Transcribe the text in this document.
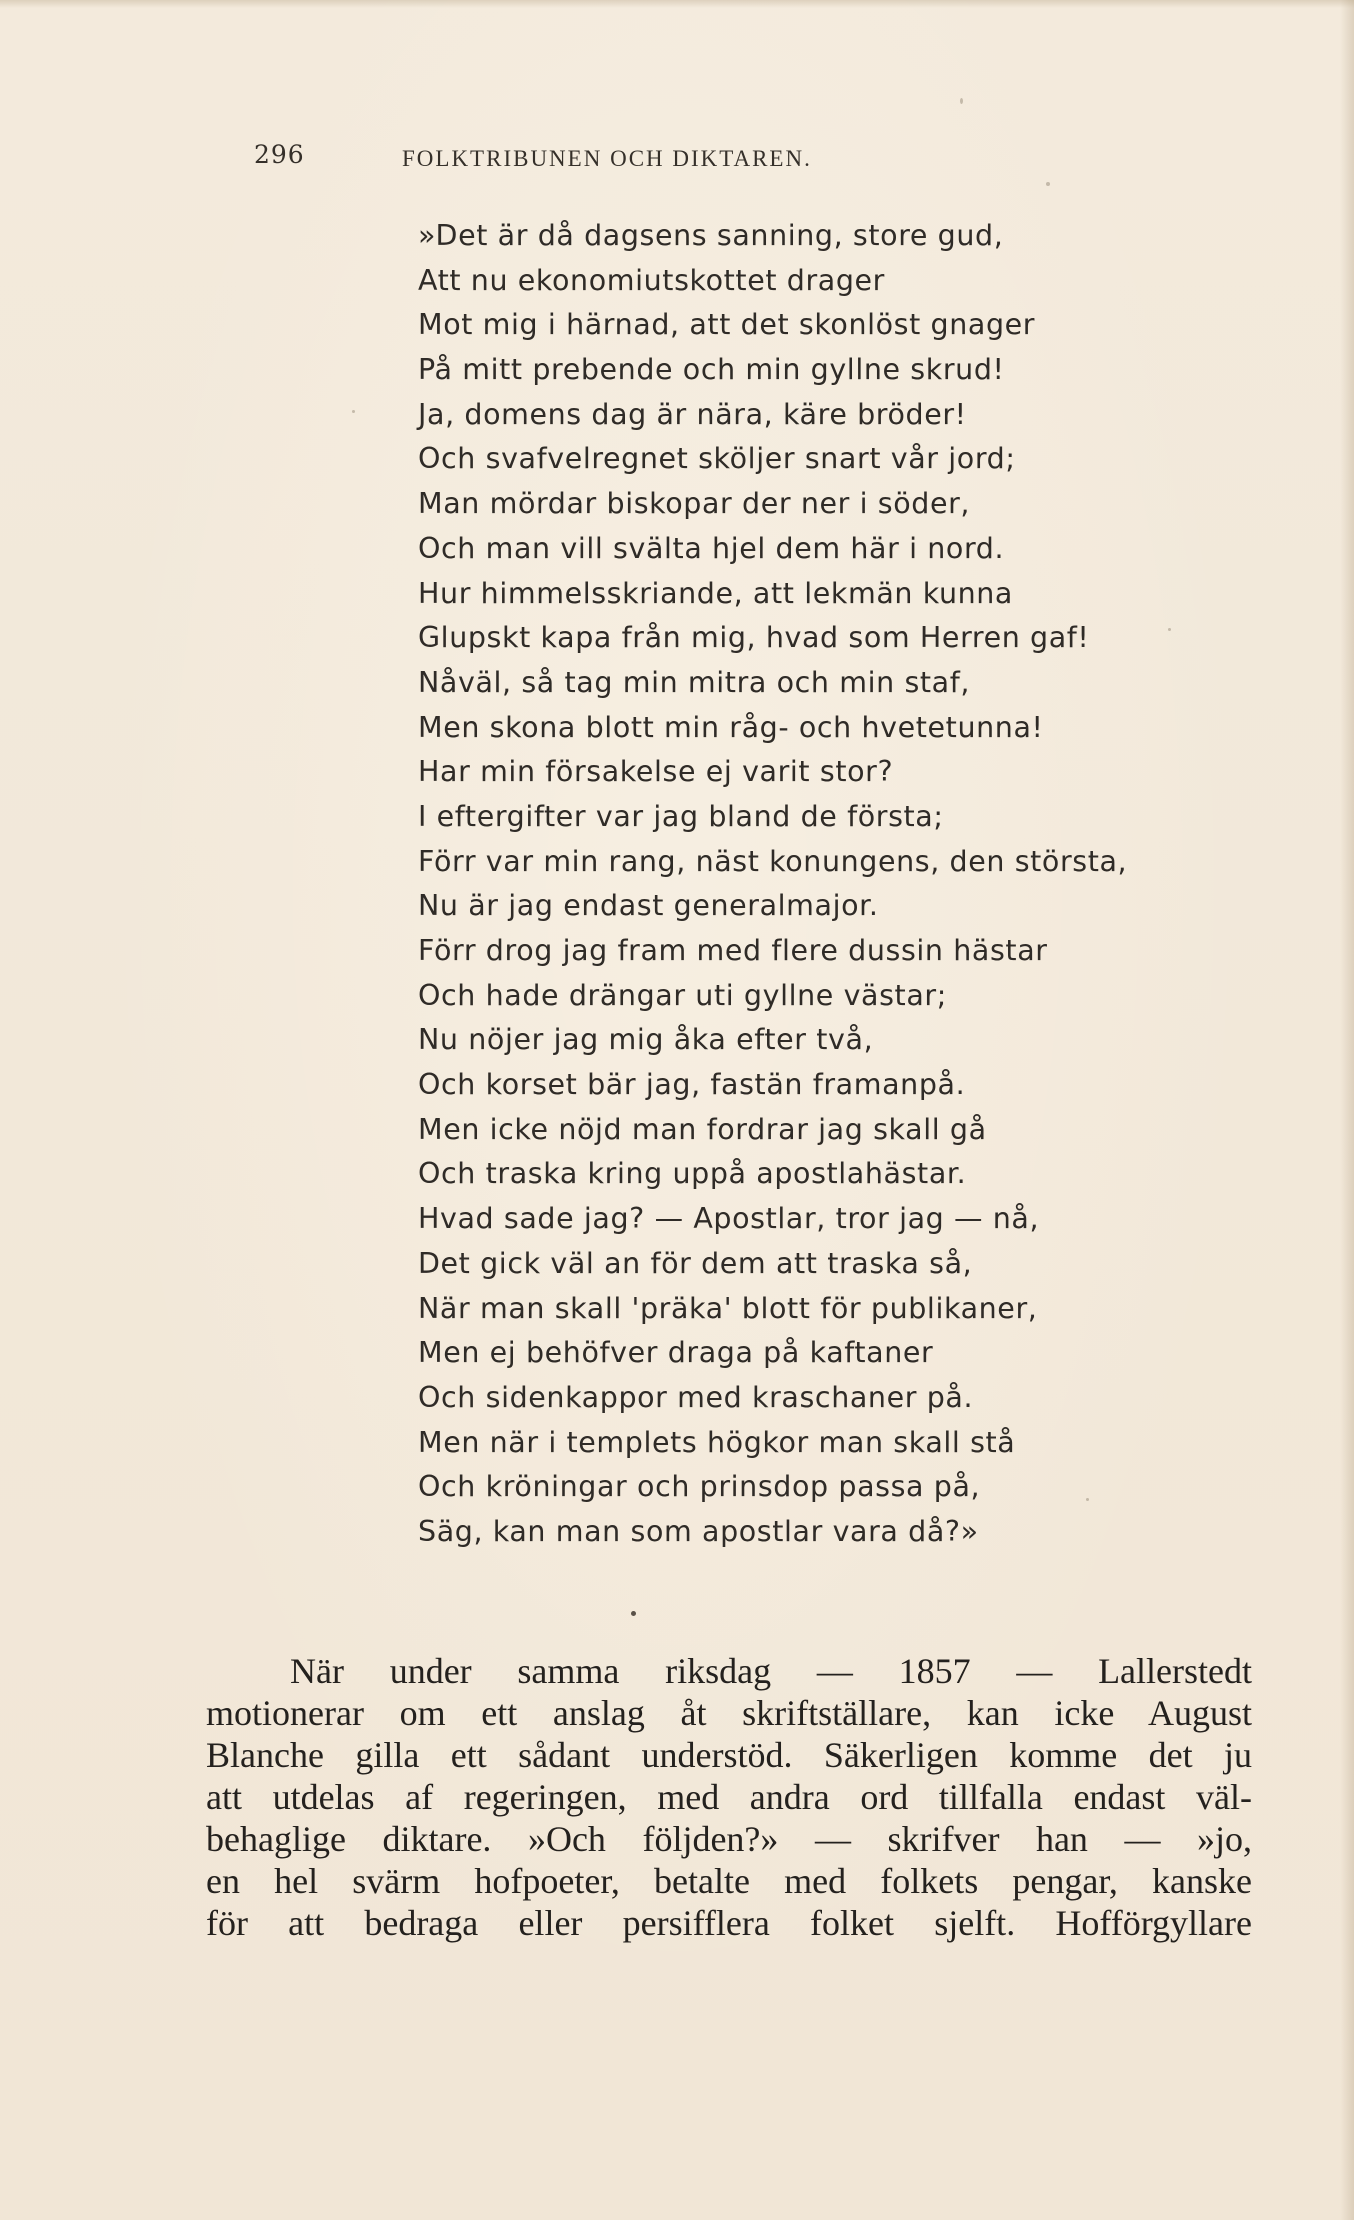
296	FOLKTRIBUNEN OCH DIKTAREN.
»Det är då dagsens sanning, store gud,
Att nu ekonomiutskottet drager
Mot mig i härnad, att det skonlöst gnager
På mitt prebende och min gyllne skrud!
Ja, domens dag är nära, käre bröder!
Och svafvelregnet sköljer snart vår jord;
Man mördar biskopar der ner i söder,
Och man vill svälta hjel dem här i nord.
Hur himmelsskriande, att lekmän kunna
Glupskt kapa från mig, hvad som Herren gaf!
Nåväl, så tag min mitra och min staf,
Men skona blott min råg- och hvetetunna!
Har min försakelse ej varit stor?
I eftergifter var jag bland de första;
Förr var min rang, näst konungens, den största,
Nu är jag endast generalmajor.
Förr drog jag fram med flere dussin hästar
Och hade drängar uti gyllne västar;
Nu nöjer jag mig åka efter två,
Och korset bär jag, fastän framanpå.
Men icke nöjd man fordrar jag skall gå
Och traska kring uppå apostlahästar.
Hvad sade jag? — Apostlar, tror jag — nå,
Det gick väl an för dem att traska så,
När man skall 'präka' blott för publikaner,
Men ej behöfver draga på kaftaner
Och sidenkappor med kraschaner på.
Men när i templets högkor man skall stå
Och kröningar och prinsdop passa på,
Säg, kan man som apostlar vara då?»
När under samma riksdag — 1857 — Lallerstedt
motionerar om ett anslag åt skriftställare, kan icke August
Blanche gilla ett sådant understöd. Säkerligen komme det ju
att utdelas af regeringen, med andra ord tillfalla endast väl-
behaglige diktare. »Och följden?» — skrifver han — »jo,
en hel svärm hofpoeter, betalte med folkets pengar, kanske
för att bedraga eller persifflera folket sjelft. Hofförgyllare
